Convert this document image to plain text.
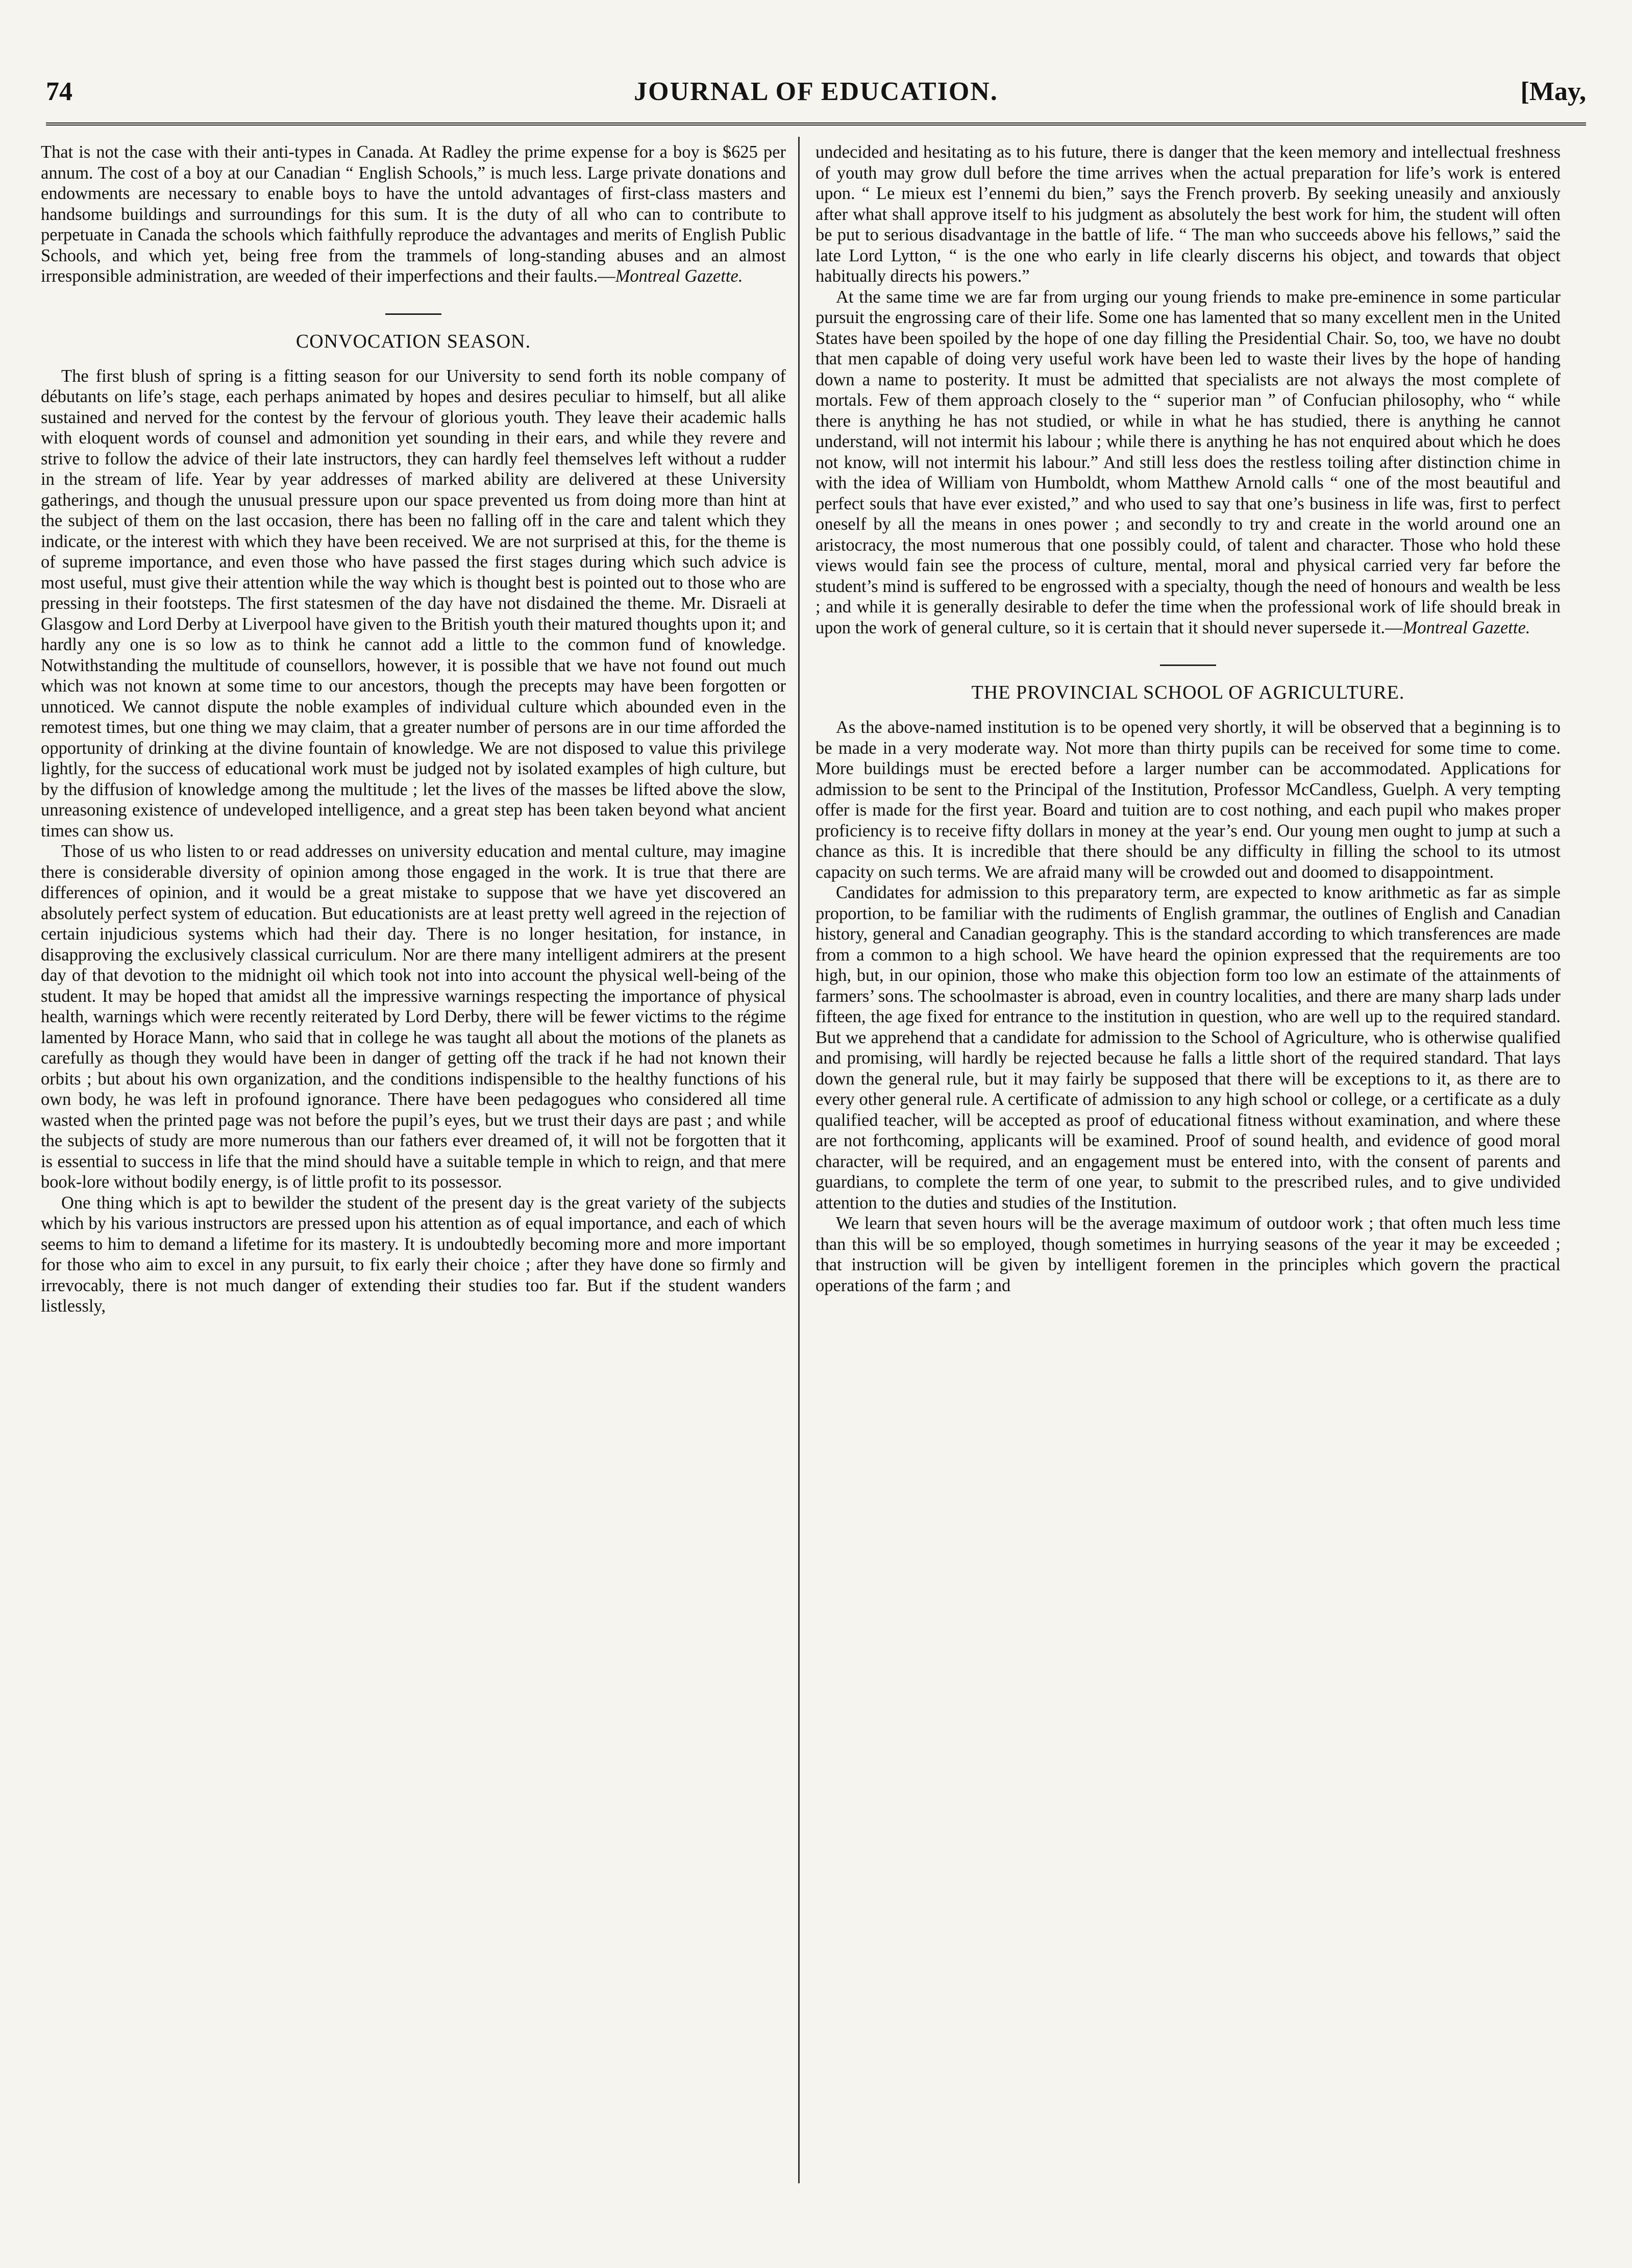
74	JOURNAL OF EDUCATION.	[May,

That is not the case with their anti-types in Canada. At Radley the prime expense for a boy is $625 per annum. The cost of a boy at our Canadian “ English Schools,” is much less. Large private donations and endowments are necessary to enable boys to have the untold advantages of first-class masters and handsome buildings and surroundings for this sum. It is the duty of all who can to contribute to perpetuate in Canada the schools which faithfully reproduce the advantages and merits of English Public Schools, and which yet, being free from the trammels of long-standing abuses and an almost irresponsible administration, are weeded of their imperfections and their faults.—Montreal Gazette.

CONVOCATION SEASON.

The first blush of spring is a fitting season for our University to send forth its noble company of débutants on life’s stage, each perhaps animated by hopes and desires peculiar to himself, but all alike sustained and nerved for the contest by the fervour of glorious youth. They leave their academic halls with eloquent words of counsel and admonition yet sounding in their ears, and while they revere and strive to follow the advice of their late instructors, they can hardly feel themselves left without a rudder in the stream of life. Year by year addresses of marked ability are delivered at these University gatherings, and though the unusual pressure upon our space prevented us from doing more than hint at the subject of them on the last occasion, there has been no falling off in the care and talent which they indicate, or the interest with which they have been received. We are not surprised at this, for the theme is of supreme importance, and even those who have passed the first stages during which such advice is most useful, must give their attention while the way which is thought best is pointed out to those who are pressing in their footsteps. The first statesmen of the day have not disdained the theme. Mr. Disraeli at Glasgow and Lord Derby at Liverpool have given to the British youth their matured thoughts upon it; and hardly any one is so low as to think he cannot add a little to the common fund of knowledge. Notwithstanding the multitude of counsellors, however, it is possible that we have not found out much which was not known at some time to our ancestors, though the precepts may have been forgotten or unnoticed. We cannot dispute the noble examples of individual culture which abounded even in the remotest times, but one thing we may claim, that a greater number of persons are in our time afforded the opportunity of drinking at the divine fountain of knowledge. We are not disposed to value this privilege lightly, for the success of educational work must be judged not by isolated examples of high culture, but by the diffusion of knowledge among the multitude ; let the lives of the masses be lifted above the slow, unreasoning existence of undeveloped intelligence, and a great step has been taken beyond what ancient times can show us.

Those of us who listen to or read addresses on university education and mental culture, may imagine there is considerable diversity of opinion among those engaged in the work. It is true that there are differences of opinion, and it would be a great mistake to suppose that we have yet discovered an absolutely perfect system of education. But educationists are at least pretty well agreed in the rejection of certain injudicious systems which had their day. There is no longer hesitation, for instance, in disapproving the exclusively classical curriculum. Nor are there many intelligent admirers at the present day of that devotion to the midnight oil which took not into into account the physical well-being of the student. It may be hoped that amidst all the impressive warnings respecting the importance of physical health, warnings which were recently reiterated by Lord Derby, there will be fewer victims to the régime lamented by Horace Mann, who said that in college he was taught all about the motions of the planets as carefully as though they would have been in danger of getting off the track if he had not known their orbits ; but about his own organization, and the conditions indispensible to the healthy functions of his own body, he was left in profound ignorance. There have been pedagogues who considered all time wasted when the printed page was not before the pupil’s eyes, but we trust their days are past ; and while the subjects of study are more numerous than our fathers ever dreamed of, it will not be forgotten that it is essential to success in life that the mind should have a suitable temple in which to reign, and that mere book-lore without bodily energy, is of little profit to its possessor.

One thing which is apt to bewilder the student of the present day is the great variety of the subjects which by his various instructors are pressed upon his attention as of equal importance, and each of which seems to him to demand a lifetime for its mastery. It is undoubtedly becoming more and more important for those who aim to excel in any pursuit, to fix early their choice ; after they have done so firmly and irrevocably, there is not much danger of extending their studies too far. But if the student wanders listlessly,

undecided and hesitating as to his future, there is danger that the keen memory and intellectual freshness of youth may grow dull before the time arrives when the actual preparation for life’s work is entered upon. “ Le mieux est l’ennemi du bien,” says the French proverb. By seeking uneasily and anxiously after what shall approve itself to his judgment as absolutely the best work for him, the student will often be put to serious disadvantage in the battle of life. “ The man who succeeds above his fellows,” said the late Lord Lytton, “ is the one who early in life clearly discerns his object, and towards that object habitually directs his powers.”

At the same time we are far from urging our young friends to make pre-eminence in some particular pursuit the engrossing care of their life. Some one has lamented that so many excellent men in the United States have been spoiled by the hope of one day filling the Presidential Chair. So, too, we have no doubt that men capable of doing very useful work have been led to waste their lives by the hope of handing down a name to posterity. It must be admitted that specialists are not always the most complete of mortals. Few of them approach closely to the “ superior man ” of Confucian philosophy, who “ while there is anything he has not studied, or while in what he has studied, there is anything he cannot understand, will not intermit his labour ; while there is anything he has not enquired about which he does not know, will not intermit his labour.” And still less does the restless toiling after distinction chime in with the idea of William von Humboldt, whom Matthew Arnold calls “ one of the most beautiful and perfect souls that have ever existed,” and who used to say that one’s business in life was, first to perfect oneself by all the means in ones power ; and secondly to try and create in the world around one an aristocracy, the most numerous that one possibly could, of talent and character. Those who hold these views would fain see the process of culture, mental, moral and physical carried very far before the student’s mind is suffered to be engrossed with a specialty, though the need of honours and wealth be less ; and while it is generally desirable to defer the time when the professional work of life should break in upon the work of general culture, so it is certain that it should never supersede it.—Montreal Gazette.

THE PROVINCIAL SCHOOL OF AGRICULTURE.

As the above-named institution is to be opened very shortly, it will be observed that a beginning is to be made in a very moderate way. Not more than thirty pupils can be received for some time to come. More buildings must be erected before a larger number can be accommodated. Applications for admission to be sent to the Principal of the Institution, Professor McCandless, Guelph. A very tempting offer is made for the first year. Board and tuition are to cost nothing, and each pupil who makes proper proficiency is to receive fifty dollars in money at the year’s end. Our young men ought to jump at such a chance as this. It is incredible that there should be any difficulty in filling the school to its utmost capacity on such terms. We are afraid many will be crowded out and doomed to disappointment.

Candidates for admission to this preparatory term, are expected to know arithmetic as far as simple proportion, to be familiar with the rudiments of English grammar, the outlines of English and Canadian history, general and Canadian geography. This is the standard according to which transferences are made from a common to a high school. We have heard the opinion expressed that the requirements are too high, but, in our opinion, those who make this objection form too low an estimate of the attainments of farmers’ sons. The schoolmaster is abroad, even in country localities, and there are many sharp lads under fifteen, the age fixed for entrance to the institution in question, who are well up to the required standard. But we apprehend that a candidate for admission to the School of Agriculture, who is otherwise qualified and promising, will hardly be rejected because he falls a little short of the required standard. That lays down the general rule, but it may fairly be supposed that there will be exceptions to it, as there are to every other general rule. A certificate of admission to any high school or college, or a certificate as a duly qualified teacher, will be accepted as proof of educational fitness without examination, and where these are not forthcoming, applicants will be examined. Proof of sound health, and evidence of good moral character, will be required, and an engagement must be entered into, with the consent of parents and guardians, to complete the term of one year, to submit to the prescribed rules, and to give undivided attention to the duties and studies of the Institution.

We learn that seven hours will be the average maximum of outdoor work ; that often much less time than this will be so employed, though sometimes in hurrying seasons of the year it may be exceeded ; that instruction will be given by intelligent foremen in the principles which govern the practical operations of the farm ; and
